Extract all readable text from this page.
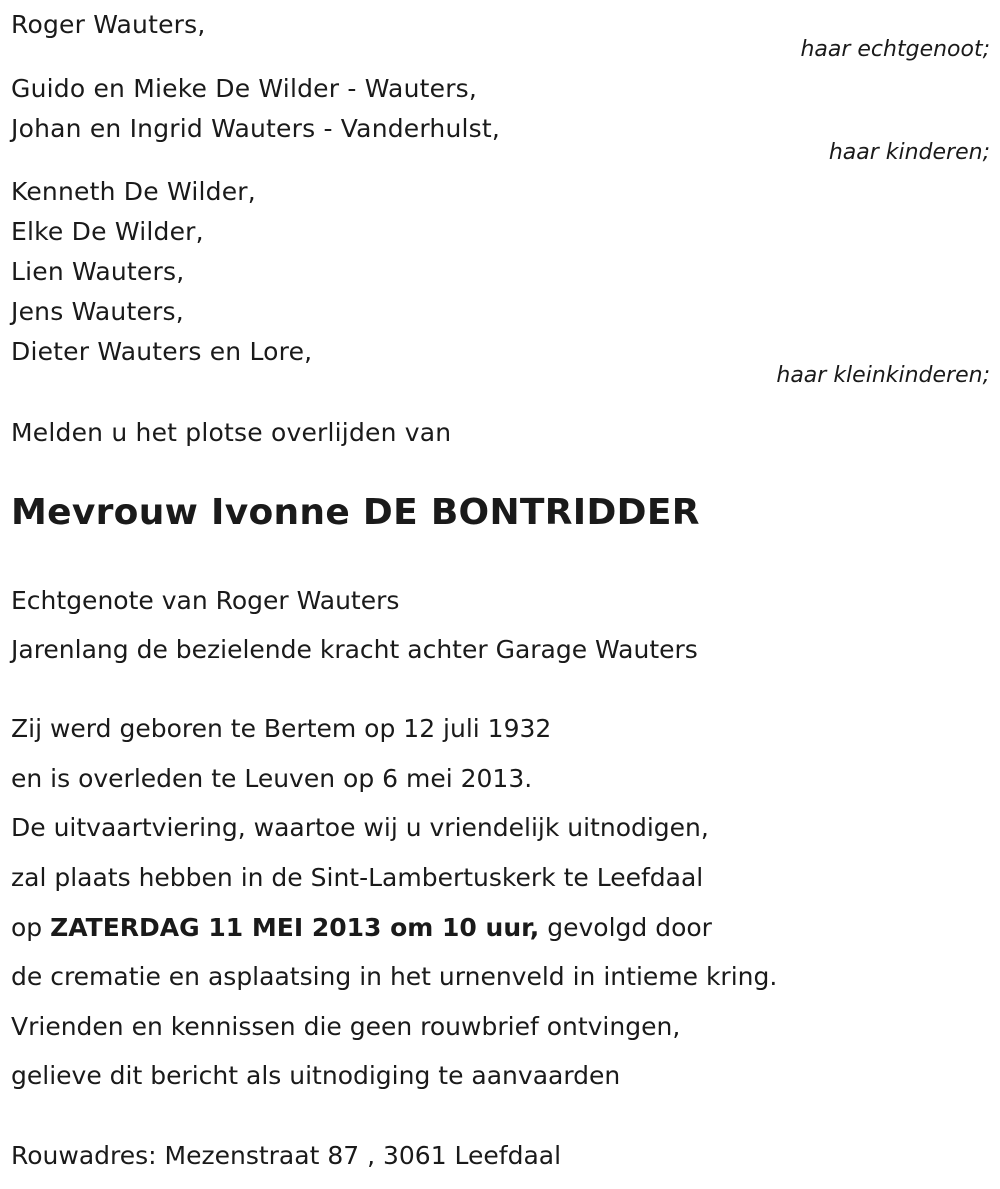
Roger Wauters,
haar echtgenoot;
Guido en Mieke De Wilder - Wauters,
Johan en Ingrid Wauters - Vanderhulst,
haar kinderen;
Kenneth De Wilder,
Elke De Wilder,
Lien Wauters,
Jens Wauters,
Dieter Wauters en Lore,
haar kleinkinderen;
Melden u het plotse overlijden van
Mevrouw Ivonne DE BONTRIDDER
Echtgenote van Roger Wauters
Jarenlang de bezielende kracht achter Garage Wauters
Zij werd geboren te Bertem op 12 juli 1932
en is overleden te Leuven op 6 mei 2013.
De uitvaartviering, waartoe wij u vriendelijk uitnodigen,
zal plaats hebben in de Sint-Lambertuskerk te Leefdaal
op ZATERDAG 11 MEI 2013 om 10 uur, gevolgd door
de crematie en asplaatsing in het urnenveld in intieme kring.
Vrienden en kennissen die geen rouwbrief ontvingen,
gelieve dit bericht als uitnodiging te aanvaarden
Rouwadres: Mezenstraat 87 , 3061 Leefdaal
